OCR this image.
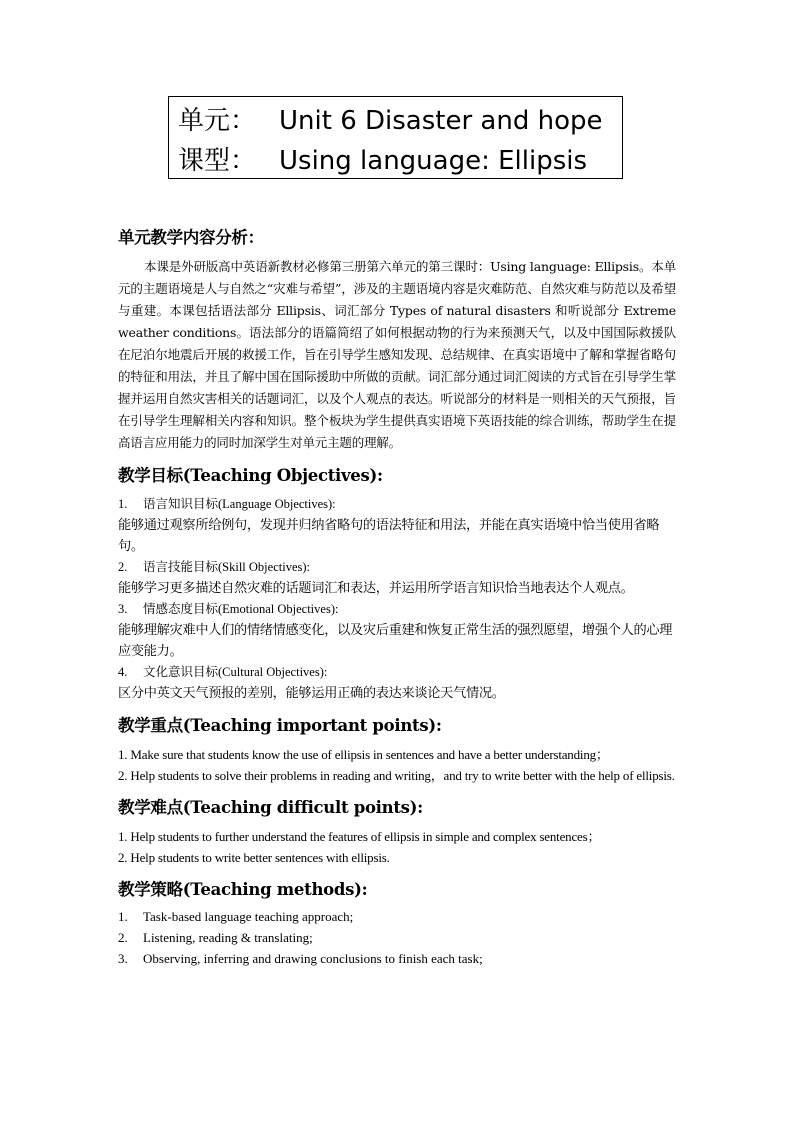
单元： Unit 6 Disaster and hope
课型： Using language: Ellipsis
单元教学内容分析：

本课是外研版高中英语新教材必修第三册第六单元的第三课时：Using language: Ellipsis。本单元的主题语境是人与自然之“灾难与希望”，涉及的主题语境内容是灾难防范、自然灾难与防范以及希望与重建。本课包括语法部分 Ellipsis、词汇部分 Types of natural disasters 和听说部分 Extreme weather conditions。语法部分的语篇简绍了如何根据动物的行为来预测天气，以及中国国际救援队在尼泊尔地震后开展的救援工作，旨在引导学生感知发现、总结规律、在真实语境中了解和掌握省略句的特征和用法，并且了解中国在国际援助中所做的贡献。词汇部分通过词汇阅读的方式旨在引导学生掌握并运用自然灾害相关的话题词汇，以及个人观点的表达。听说部分的材料是一则相关的天气预报，旨在引导学生理解相关内容和知识。整个板块为学生提供真实语境下英语技能的综合训练，帮助学生在提高语言应用能力的同时加深学生对单元主题的理解。

教学目标(Teaching Objectives):
1.	语言知识目标(Language Objectives):

能够通过观察所给例句，发现并归纳省略句的语法特征和用法，并能在真实语境中恰当使用省略句。

2.	语言技能目标(Skill Objectives):

能够学习更多描述自然灾难的话题词汇和表达，并运用所学语言知识恰当地表达个人观点。

3.	情感态度目标(Emotional Objectives):

能够理解灾难中人们的情绪情感变化，以及灾后重建和恢复正常生活的强烈愿望，增强个人的心理应变能力。

4.	文化意识目标(Cultural Objectives):

区分中英文天气预报的差别，能够运用正确的表达来谈论天气情况。

教学重点(Teaching important points):

1. Make sure that students know the use of ellipsis in sentences and have a better understanding；

2. Help students to solve their problems in reading and writing，and try to write better with the help of ellipsis.

教学难点(Teaching difficult points):

1. Help students to further understand the features of ellipsis in simple and complex sentences；

2. Help students to write better sentences with ellipsis.

教学策略(Teaching methods):
1.	Task-based language teaching approach;
2.	Listening, reading & translating;
3.	Observing, inferring and drawing conclusions to finish each task;
